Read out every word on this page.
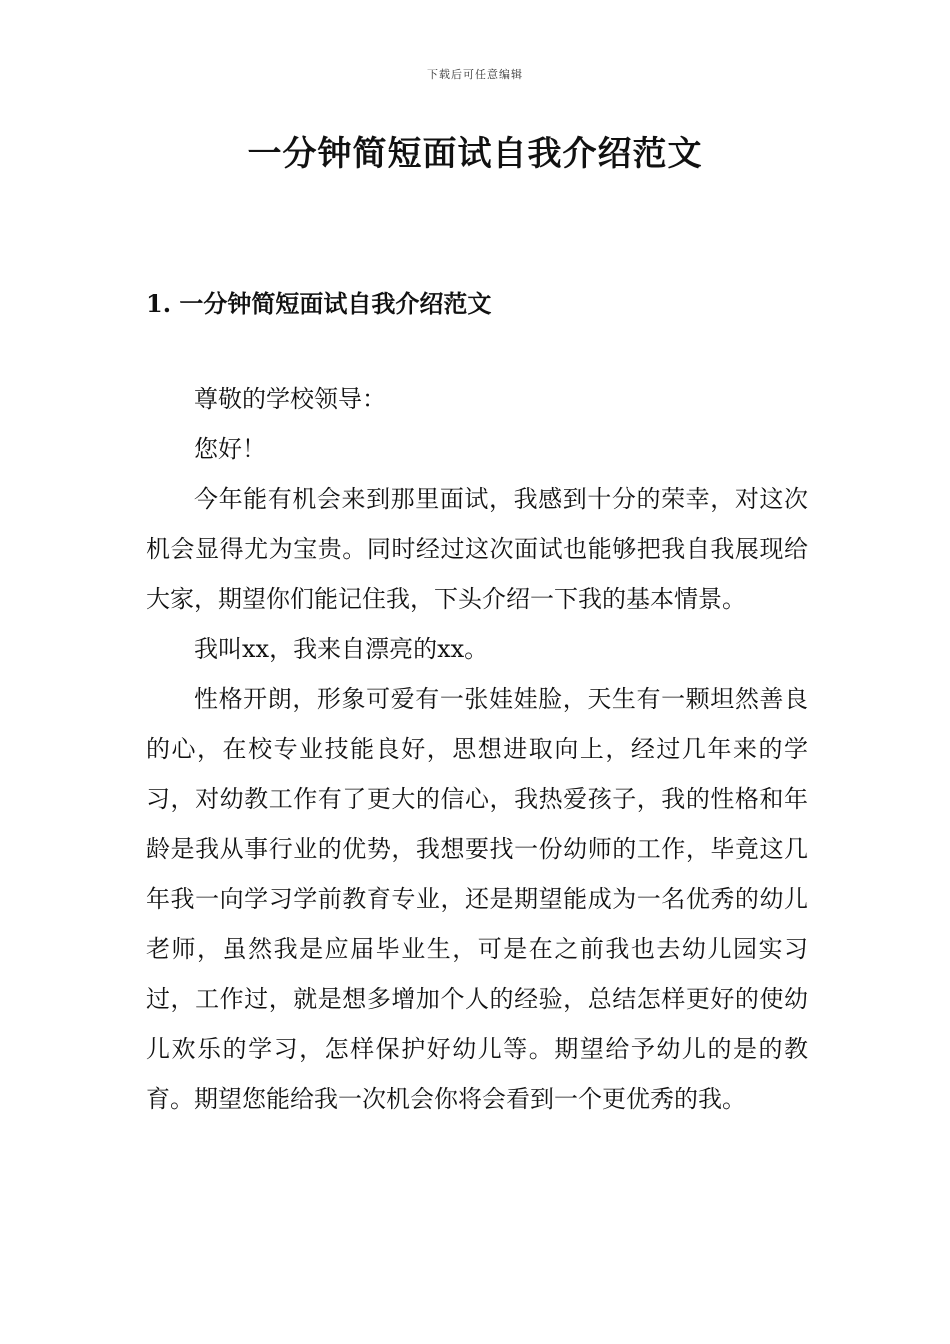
下载后可任意编辑
一分钟简短面试自我介绍范文
1. 一分钟简短面试自我介绍范文

尊敬的学校领导：

您好！

今年能有机会来到那里面试，我感到十分的荣幸，对这次机会显得尤为宝贵。同时经过这次面试也能够把我自我展现给大家，期望你们能记住我，下头介绍一下我的基本情景。

我叫xx，我来自漂亮的xx。

性格开朗，形象可爱有一张娃娃脸，天生有一颗坦然善良的心，在校专业技能良好，思想进取向上，经过几年来的学习，对幼教工作有了更大的信心，我热爱孩子，我的性格和年龄是我从事行业的优势，我想要找一份幼师的工作，毕竟这几年我一向学习学前教育专业，还是期望能成为一名优秀的幼儿老师，虽然我是应届毕业生，可是在之前我也去幼儿园实习过，工作过，就是想多增加个人的经验，总结怎样更好的使幼儿欢乐的学习，怎样保护好幼儿等。期望给予幼儿的是的教育。期望您能给我一次机会你将会看到一个更优秀的我。
